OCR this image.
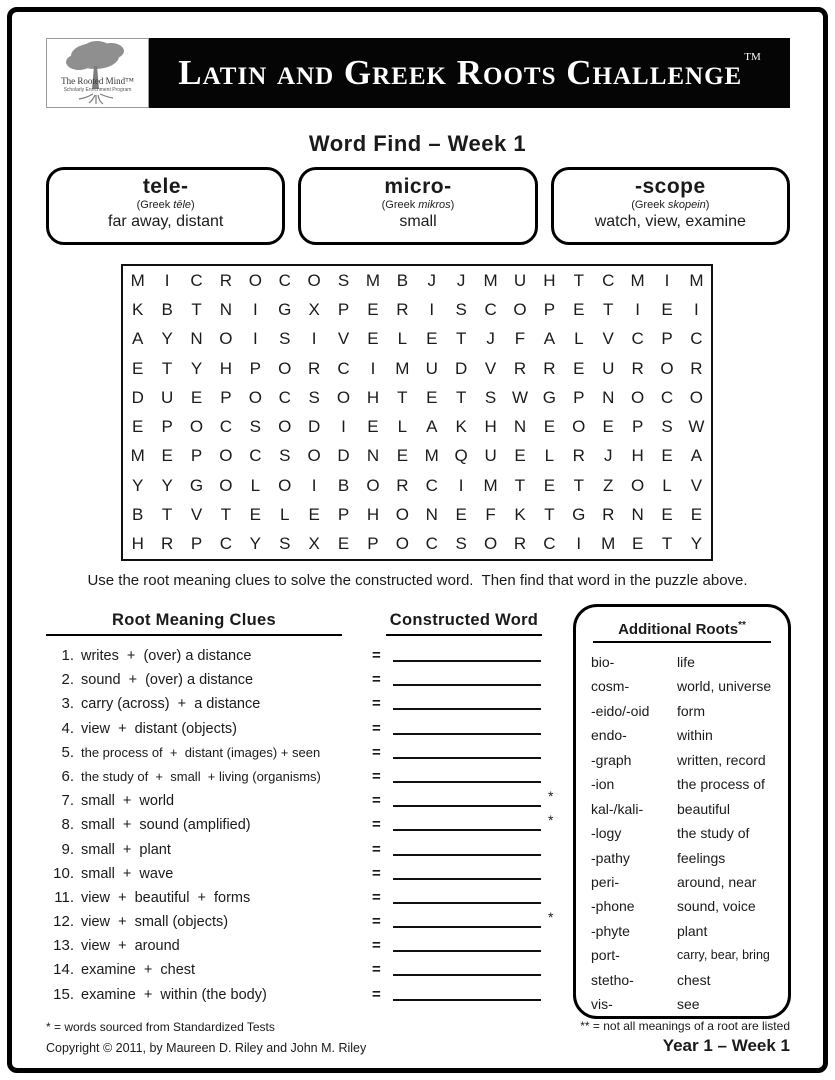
The Rooted Mind™
Scholarly Enrichment Program	Latin and Greek Roots Challenge TM
Word Find – Week 1
tele-
(Greek tēle)
far away, distant
micro-
(Greek mikros)
small
-scope
(Greek skopein)
watch, view, examine
M	I	C	R O C O	S M B	J	J	M U	H	T	C M	I	M
K	B	T	N	I	G	X	P	E	R	I	S	C O	P	E	T	I	E	I
A	Y	N O	I	S	I	V	E	L	E	T	J	F	A	L	V	C	P	C
E	T	Y	H	P	O R	C	I	M U	D	V	R	R	E	U	R O R
D	U	E	P	O C	S	O H	T	E	T	S W G	P	N O C O
E	P	O C	S	O D	I	E	L	A	K	H	N	E	O	E	P	S W
M E	P	O C	S	O D	N	E M Q U	E	L	R	J	H	E	A
Y	Y	G O	L	O	I	B	O R	C	I	M	T	E	T	Z	O	L	V
B	T	V	T	E	L	E	P	H O N	E	F	K	T	G R	N	E	E
H	R	P	C	Y	S	X	E	P	O C	S	O R	C	I	M E	T	Y
Use the root meaning clues to solve the constructed word.  Then find that word in the puzzle above.
Root Meaning Clues	Constructed Word
1. writes  +  (over) a distance	=
2. sound  +  (over) a distance	=
3. carry (across)  +  a distance	=
4. view  +  distant (objects)	=
5. the process of  +  distant (images) + seen	=
6. the study of  +  small  + living (organisms)	=
7. small  +  world	=	*
8. small  +  sound (amplified)	=	*
9. small  +  plant	=
10. small  +  wave	=
11. view  +  beautiful  +  forms	=
12. view  +  small (objects)	=	*
13. view  +  around	=
14. examine  +  chest	=
15. examine  +  within (the body)	=
Additional Roots**
bio-	life
cosm-	world, universe
-eido/-oid form
endo-	within
-graph	written, record
-ion	the process of
kal-/kali- beautiful
-logy	the study of
-pathy	feelings
peri-	around, near
-phone	sound, voice
-phyte	plant
port-	carry, bear, bring
stetho-	chest
vis-	see
* = words sourced from Standardized Tests
Copyright © 2011, by Maureen D. Riley and John M. Riley
** = not all meanings of a root are listed
Year 1 – Week 1
